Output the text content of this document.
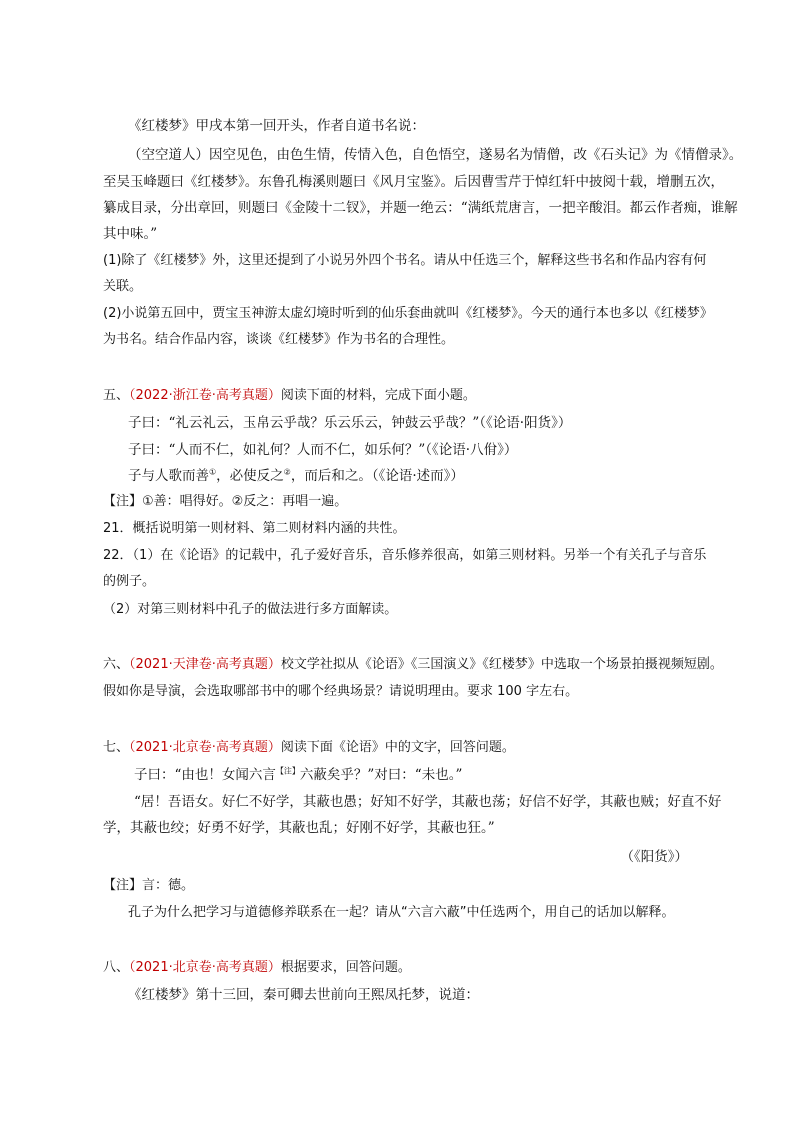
《红楼梦》甲戌本第一回开头，作者自道书名说：
（空空道人）因空见色，由色生情，传情入色，自色悟空，遂易名为情僧，改《石头记》为《情僧录》。
至吴玉峰题曰《红楼梦》。东鲁孔梅溪则题曰《风月宝鉴》。后因曹雪芹于悼红轩中披阅十载，增删五次，
纂成目录，分出章回，则题曰《金陵十二钗》，并题一绝云：“满纸荒唐言，一把辛酸泪。都云作者痴，谁解
其中味。”
(1)除了《红楼梦》外，这里还提到了小说另外四个书名。请从中任选三个，解释这些书名和作品内容有何
关联。
(2)小说第五回中，贾宝玉神游太虚幻境时听到的仙乐套曲就叫《红楼梦》。今天的通行本也多以《红楼梦》
为书名。结合作品内容，谈谈《红楼梦》作为书名的合理性。
五、（2022·浙江卷·高考真题）阅读下面的材料，完成下面小题。
子曰：“礼云礼云，玉帛云乎哉？乐云乐云，钟鼓云乎哉？”（《论语·阳货》）
子曰：“人而不仁，如礼何？人而不仁，如乐何？”（《论语·八佾》）
子与人歌而善①，必使反之②，而后和之。（《论语·述而》）
【注】①善：唱得好。②反之：再唱一遍。
21．概括说明第一则材料、第二则材料内涵的共性。
22．（1）在《论语》的记载中，孔子爱好音乐，音乐修养很高，如第三则材料。另举一个有关孔子与音乐
的例子。
（2）对第三则材料中孔子的做法进行多方面解读。
六、（2021·天津卷·高考真题）校文学社拟从《论语》《三国演义》《红楼梦》中选取一个场景拍摄视频短剧。
假如你是导演，会选取哪部书中的哪个经典场景？请说明理由。要求 100 字左右。
七、（2021·北京卷·高考真题）阅读下面《论语》中的文字，回答问题。
子曰：“由也！女闻六言$^{【注】}$六蔽矣乎？”对曰：“未也。”
“居！吾语女。好仁不好学，其蔽也愚；好知不好学，其蔽也荡；好信不好学，其蔽也贼；好直不好
学，其蔽也绞；好勇不好学，其蔽也乱；好刚不好学，其蔽也狂。”
（《阳货》）
【注】言：德。
孔子为什么把学习与道德修养联系在一起？请从“六言六蔽”中任选两个，用自己的话加以解释。
八、（2021·北京卷·高考真题）根据要求，回答问题。
《红楼梦》第十三回，秦可卿去世前向王熙凤托梦，说道：
